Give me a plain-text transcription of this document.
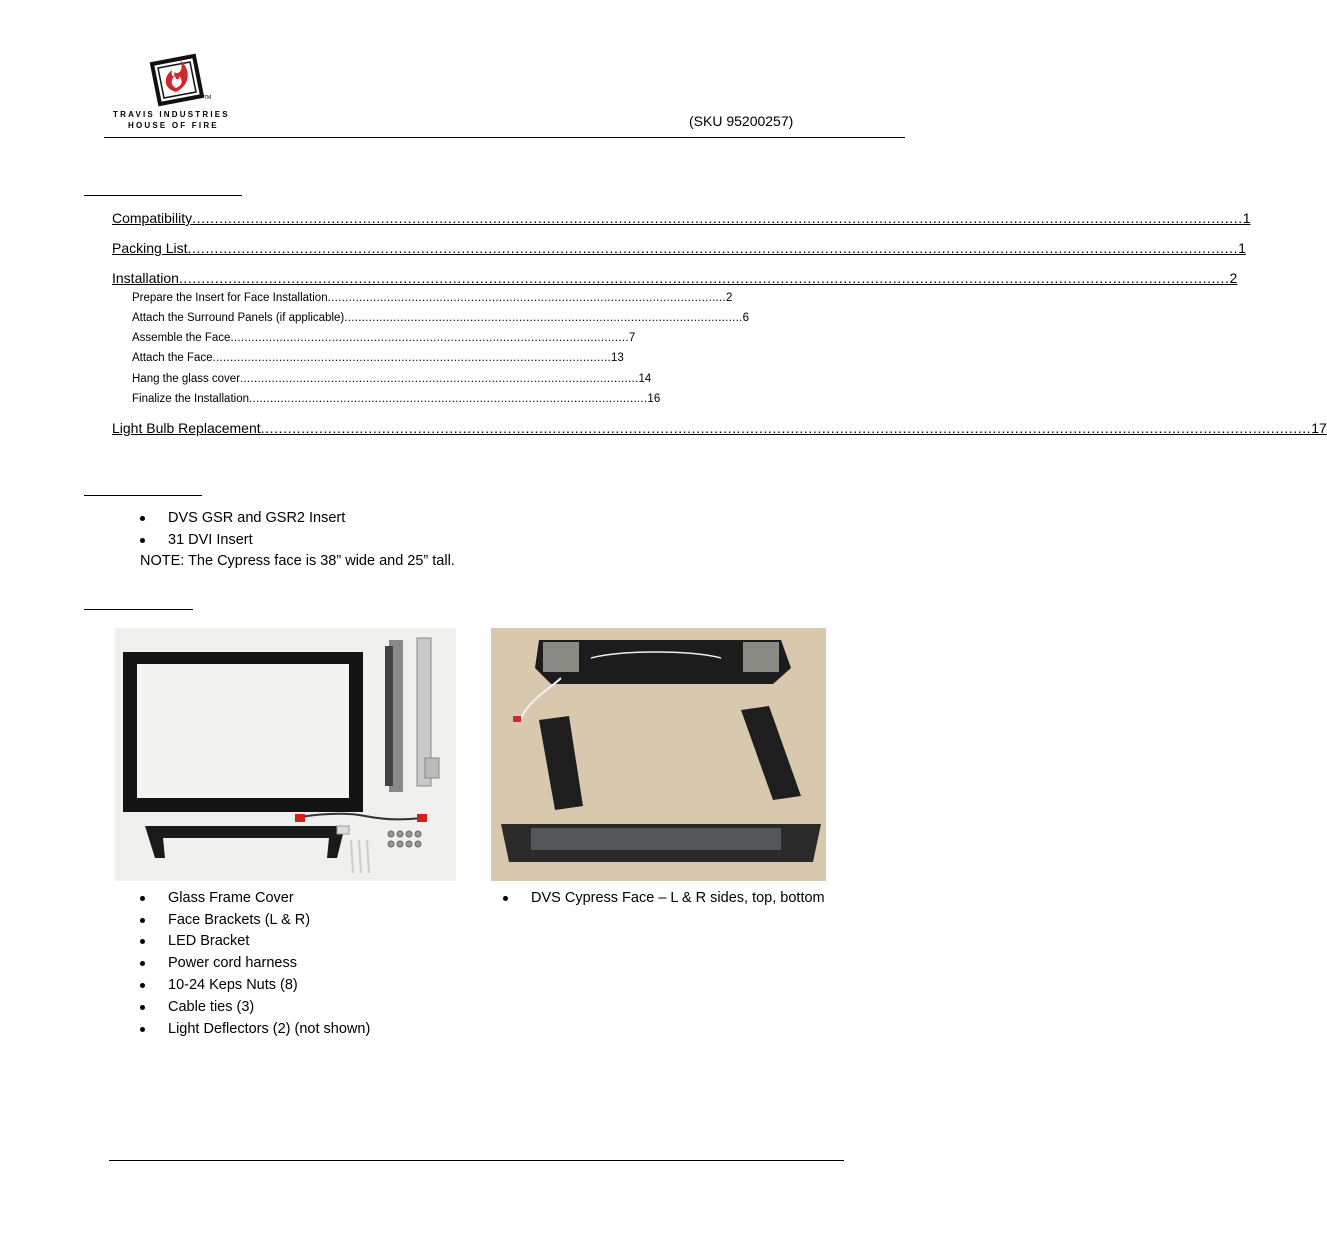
TRAVIS INDUSTRIES
HOUSE OF FIRE
TM
(SKU 95200257)
Compatibility .......................................................................................................................................................................................................................................... 1
Packing List .......................................................................................................................................................................................................................................... 1
Installation .......................................................................................................................................................................................................................................... 2
Prepare the Insert for Face Installation .................................................................................................................. 2
Attach the Surround Panels (if applicable) .................................................................................................................. 6
Assemble the Face .................................................................................................................. 7
Attach the Face .................................................................................................................. 13
Hang the glass cover .................................................................................................................. 14
Finalize the Installation .................................................................................................................. 16
Light Bulb Replacement .......................................................................................................................................................................................................................................... 17
DVS GSR and GSR2 Insert
31 DVI Insert
NOTE: The Cypress face is 38” wide and 25” tall.
Glass Frame Cover
Face Brackets (L & R)
LED Bracket
Power cord harness
10-24 Keps Nuts (8)
Cable ties (3)
Light Deflectors (2) (not shown)
DVS Cypress Face – L & R sides, top, bottom
